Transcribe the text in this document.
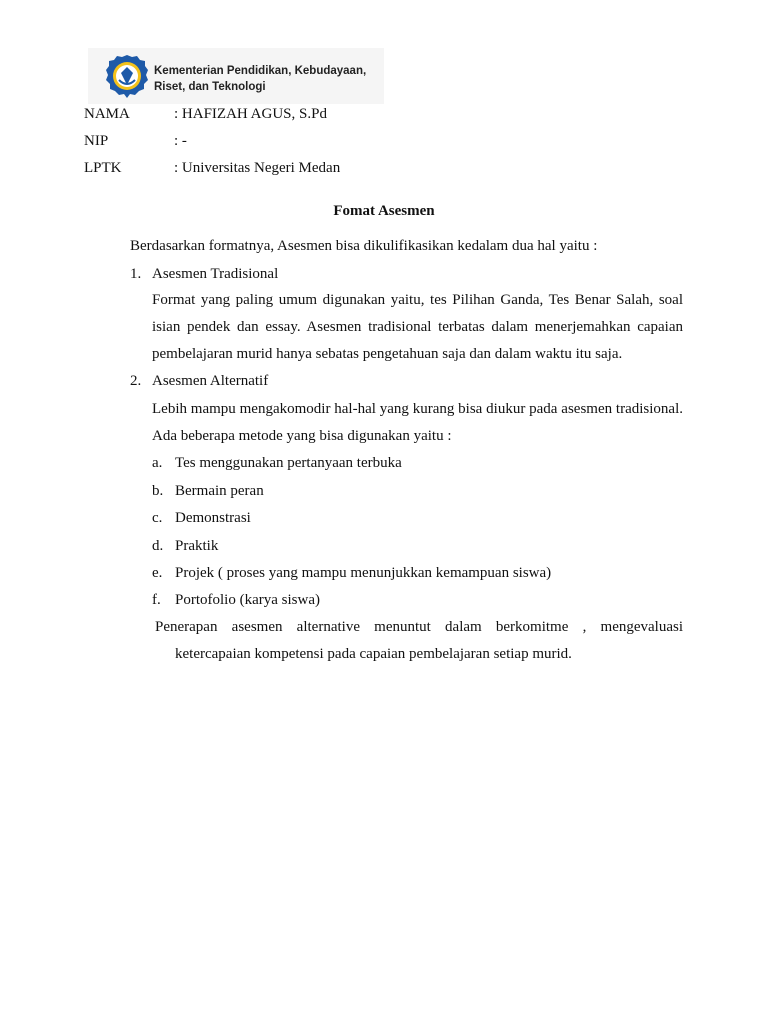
Kementerian Pendidikan, Kebudayaan,
Riset, dan Teknologi
NAMA	: HAFIZAH AGUS, S.Pd
NIP	: -
LPTK	: Universitas Negeri Medan
Fomat Asesmen
Berdasarkan formatnya, Asesmen bisa dikulifikasikan kedalam dua hal yaitu :
1. Asesmen Tradisional
Format yang paling umum digunakan yaitu, tes Pilihan Ganda, Tes Benar Salah, soal isian pendek dan essay. Asesmen tradisional terbatas dalam menerjemahkan capaian pembelajaran murid hanya sebatas pengetahuan saja dan dalam waktu itu saja.
2. Asesmen Alternatif
Lebih mampu mengakomodir hal-hal yang kurang bisa diukur pada asesmen tradisional. Ada beberapa metode yang bisa digunakan yaitu :
a. Tes menggunakan pertanyaan terbuka
b. Bermain peran
c. Demonstrasi
d. Praktik
e. Projek ( proses yang mampu menunjukkan kemampuan siswa)
f. Portofolio (karya siswa)
Penerapan asesmen alternative menuntut dalam berkomitme , mengevaluasi ketercapaian kompetensi pada capaian pembelajaran setiap murid.
